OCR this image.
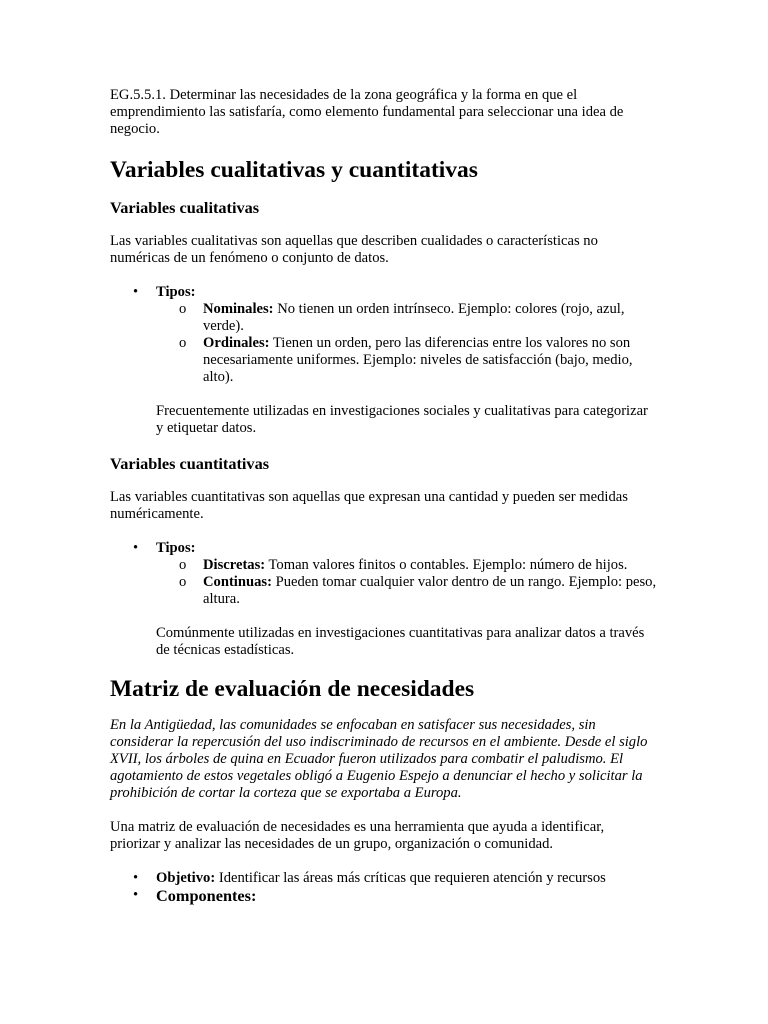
EG.5.5.1. Determinar las necesidades de la zona geográfica y la forma en que el emprendimiento las satisfaría, como elemento fundamental para seleccionar una idea de negocio.

Variables cualitativas y cuantitativas
Variables cualitativas

Las variables cualitativas son aquellas que describen cualidades o características no numéricas de un fenómeno o conjunto de datos.

• Tipos:
o Nominales: No tienen un orden intrínseco. Ejemplo: colores (rojo, azul, verde).
o Ordinales: Tienen un orden, pero las diferencias entre los valores no son necesariamente uniformes. Ejemplo: niveles de satisfacción (bajo, medio, alto).

Frecuentemente utilizadas en investigaciones sociales y cualitativas para categorizar y etiquetar datos.

Variables cuantitativas

Las variables cuantitativas son aquellas que expresan una cantidad y pueden ser medidas numéricamente.

• Tipos:
o Discretas: Toman valores finitos o contables. Ejemplo: número de hijos.
o Continuas: Pueden tomar cualquier valor dentro de un rango. Ejemplo: peso, altura.

Comúnmente utilizadas en investigaciones cuantitativas para analizar datos a través de técnicas estadísticas.

Matriz de evaluación de necesidades

En la Antigüedad, las comunidades se enfocaban en satisfacer sus necesidades, sin considerar la repercusión del uso indiscriminado de recursos en el ambiente. Desde el siglo XVII, los árboles de quina en Ecuador fueron utilizados para combatir el paludismo. El agotamiento de estos vegetales obligó a Eugenio Espejo a denunciar el hecho y solicitar la prohibición de cortar la corteza que se exportaba a Europa.

Una matriz de evaluación de necesidades es una herramienta que ayuda a identificar, priorizar y analizar las necesidades de un grupo, organización o comunidad.

• Objetivo: Identificar las áreas más críticas que requieren atención y recursos
• Componentes:
